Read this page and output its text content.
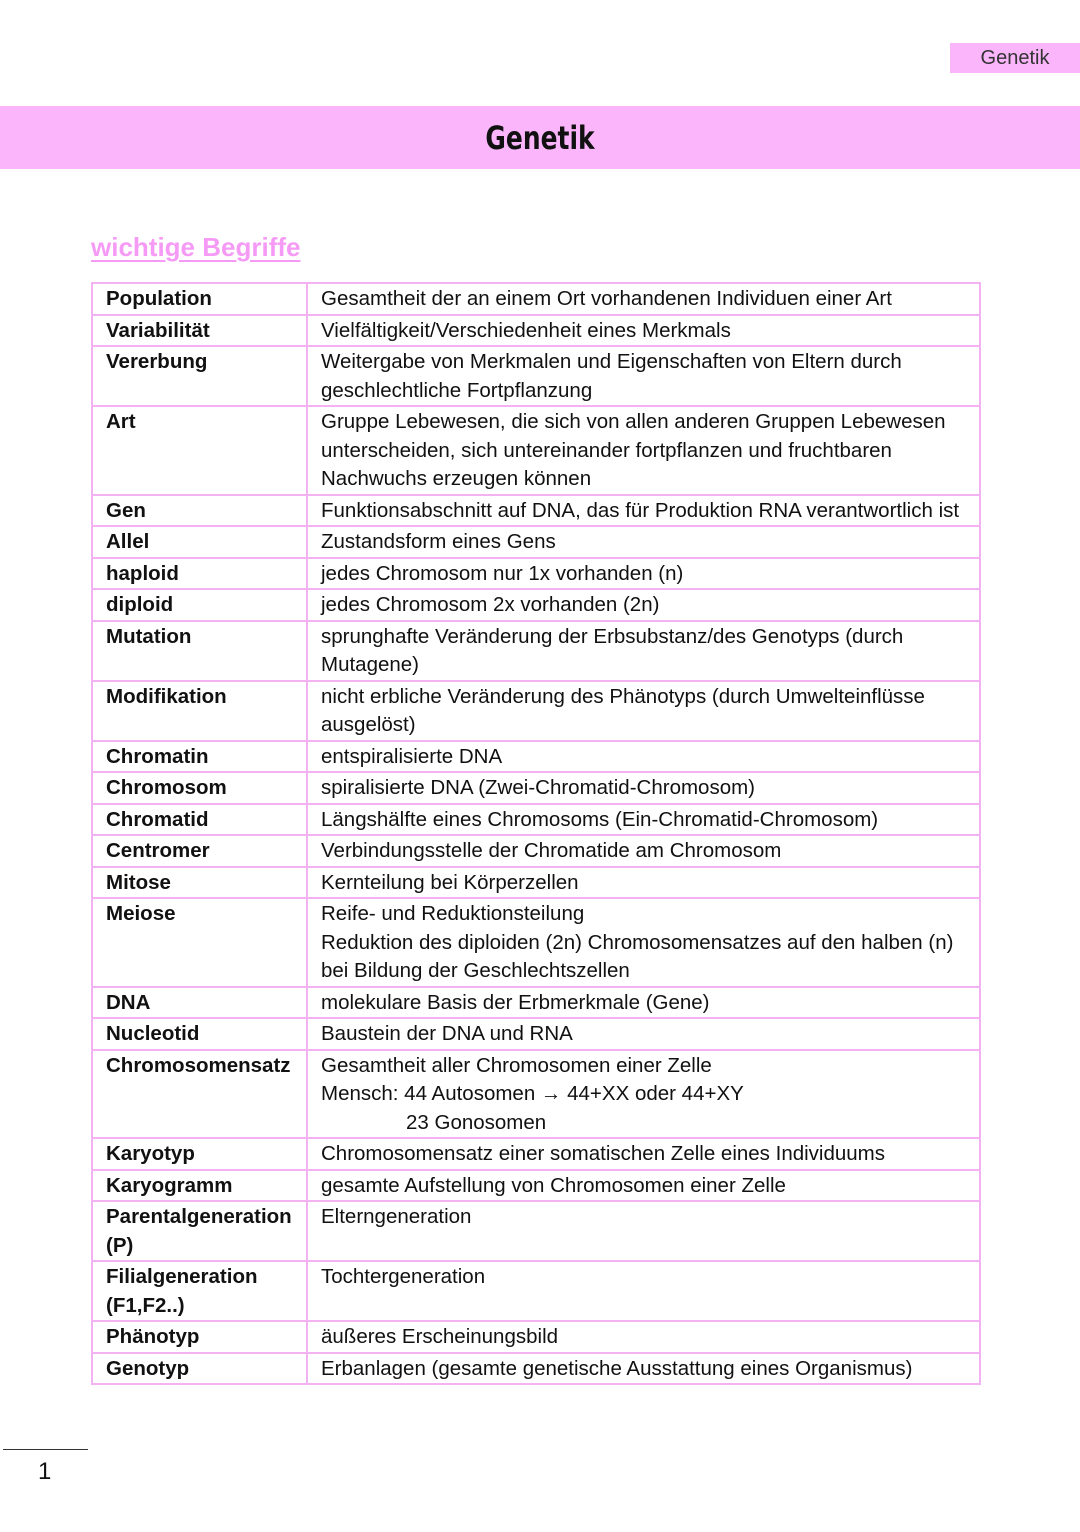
Genetik
Genetik
wichtige Begriffe
Population	Gesamtheit der an einem Ort vorhandenen Individuen einer Art

Variabilität	Vielfältigkeit/Verschiedenheit eines Merkmals

Vererbung	Weitergabe von Merkmalen und Eigenschaften von Eltern durch geschlechtliche Fortpflanzung

Art	Gruppe Lebewesen, die sich von allen anderen Gruppen Lebewesen unterscheiden, sich untereinander fortpflanzen und fruchtbaren Nachwuchs erzeugen können

Gen	Funktionsabschnitt auf DNA, das für Produktion RNA verantwortlich ist

Allel	Zustandsform eines Gens

haploid	jedes Chromosom nur 1x vorhanden (n)

diploid	jedes Chromosom 2x vorhanden (2n)

Mutation	sprunghafte Veränderung der Erbsubstanz/des Genotyps (durch Mutagene)

Modifikation	nicht erbliche Veränderung des Phänotyps (durch Umwelteinflüsse ausgelöst)

Chromatin	entspiralisierte DNA

Chromosom	spiralisierte DNA (Zwei-Chromatid-Chromosom)

Chromatid	Längshälfte eines Chromosoms (Ein-Chromatid-Chromosom)

Centromer	Verbindungsstelle der Chromatide am Chromosom

Mitose	Kernteilung bei Körperzellen

Meiose	Reife- und Reduktionsteilung
Reduktion des diploiden (2n) Chromosomensatzes auf den halben (n) bei Bildung der Geschlechtszellen

DNA	molekulare Basis der Erbmerkmale (Gene)

Nucleotid	Baustein der DNA und RNA

Chromosomensatz	Gesamtheit aller Chromosomen einer Zelle
Mensch: 44 Autosomen → 44+XX oder 44+XY
23 Gonosomen

Karyotyp	Chromosomensatz einer somatischen Zelle eines Individuums

Karyogramm	gesamte Aufstellung von Chromosomen einer Zelle

Parentalgeneration (P)	Elterngeneration

Filialgeneration (F1,F2..)	Tochtergeneration

Phänotyp	äußeres Erscheinungsbild

Genotyp	Erbanlagen (gesamte genetische Ausstattung eines Organismus)
1
